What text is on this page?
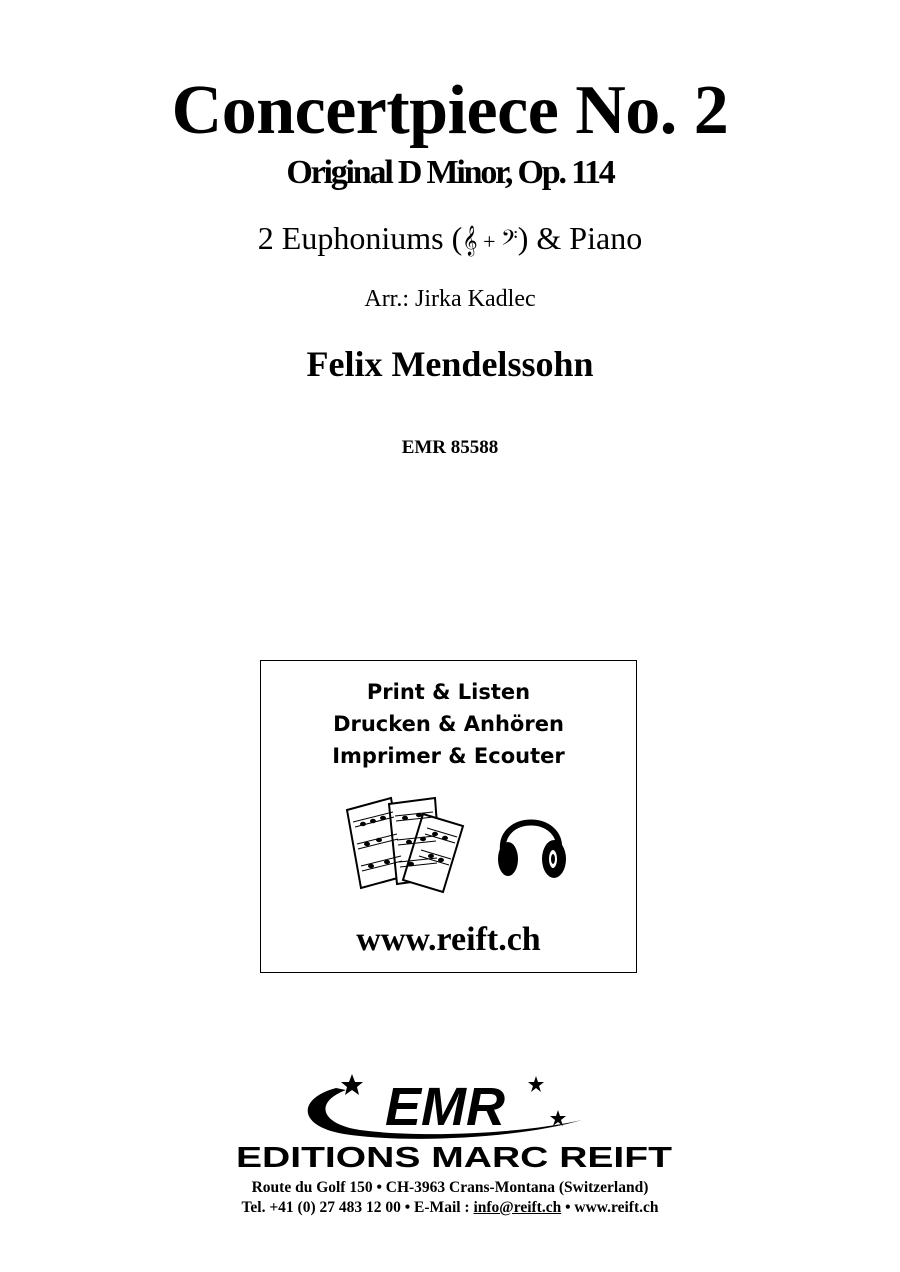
Concertpiece No. 2
Original D Minor, Op. 114
2 Euphoniums (𝄞 + 𝄢) & Piano
Arr.: Jirka Kadlec
Felix Mendelssohn
EMR 85588
Print & Listen
Drucken & Anhören
Imprimer & Ecouter
www.reift.ch
EMR
EDITIONS MARC REIFT
Route du Golf 150 • CH-3963 Crans-Montana (Switzerland)
Tel. +41 (0) 27 483 12 00 • E-Mail : info@reift.ch • www.reift.ch
